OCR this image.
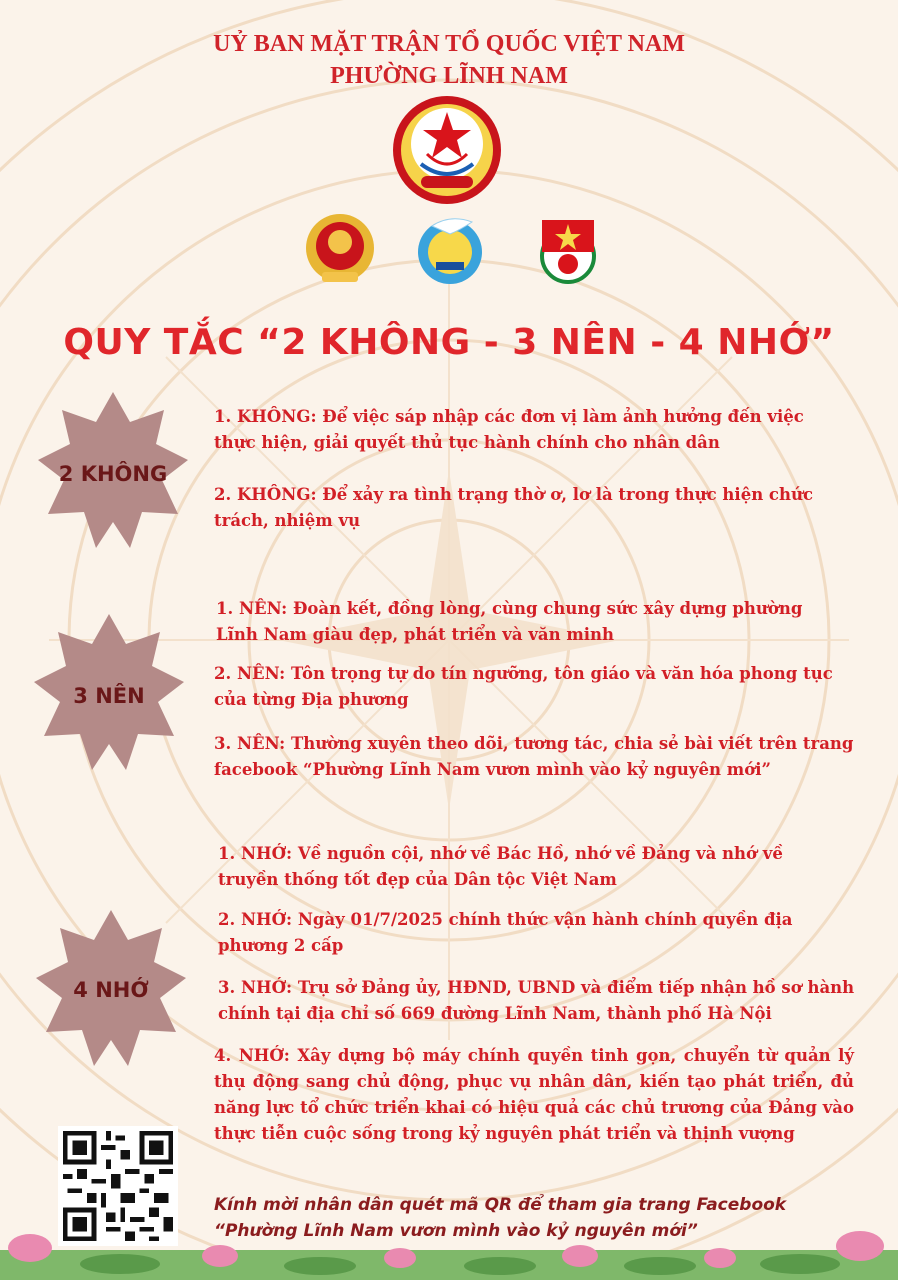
UỶ BAN MẶT TRẬN TỔ QUỐC VIỆT NAM
PHƯỜNG LĨNH NAM
QUY TẮC “2 KHÔNG - 3 NÊN - 4 NHỚ”
2 KHÔNG
1. KHÔNG: Để việc sáp nhập các đơn vị làm ảnh hưởng đến việc thực hiện, giải quyết thủ tục hành chính cho nhân dân
2. KHÔNG: Để xảy ra tình trạng thờ ơ, lơ là trong thực hiện chức trách, nhiệm vụ
3 NÊN
1. NÊN: Đoàn kết, đồng lòng, cùng chung sức xây dựng phường Lĩnh Nam giàu đẹp, phát triển và văn minh
2. NÊN: Tôn trọng tự do tín ngưỡng, tôn giáo và văn hóa phong tục của từng Địa phương
3. NÊN: Thường xuyên theo dõi, tương tác, chia sẻ bài viết trên trang facebook “Phường Lĩnh Nam vươn mình vào kỷ nguyên mới”
4 NHỚ
1. NHỚ: Về nguồn cội, nhớ về Bác Hồ, nhớ về Đảng và nhớ về truyền thống tốt đẹp của Dân tộc Việt Nam
2. NHỚ: Ngày 01/7/2025 chính thức vận hành chính quyền địa phương 2 cấp
3. NHỚ: Trụ sở Đảng ủy, HĐND, UBND và điểm tiếp nhận hồ sơ hành chính tại địa chỉ số 669 đường Lĩnh Nam, thành phố Hà Nội
4. NHỚ: Xây dựng bộ máy chính quyền tinh gọn, chuyển từ quản lý thụ động sang chủ động, phục vụ nhân dân, kiến tạo phát triển, đủ năng lực tổ chức triển khai có hiệu quả các chủ trương của Đảng vào thực tiễn cuộc sống trong kỷ nguyên phát triển và thịnh vượng
Kính mời nhân dân quét mã QR để tham gia trang Facebook
“Phường Lĩnh Nam vươn mình vào kỷ nguyên mới”
